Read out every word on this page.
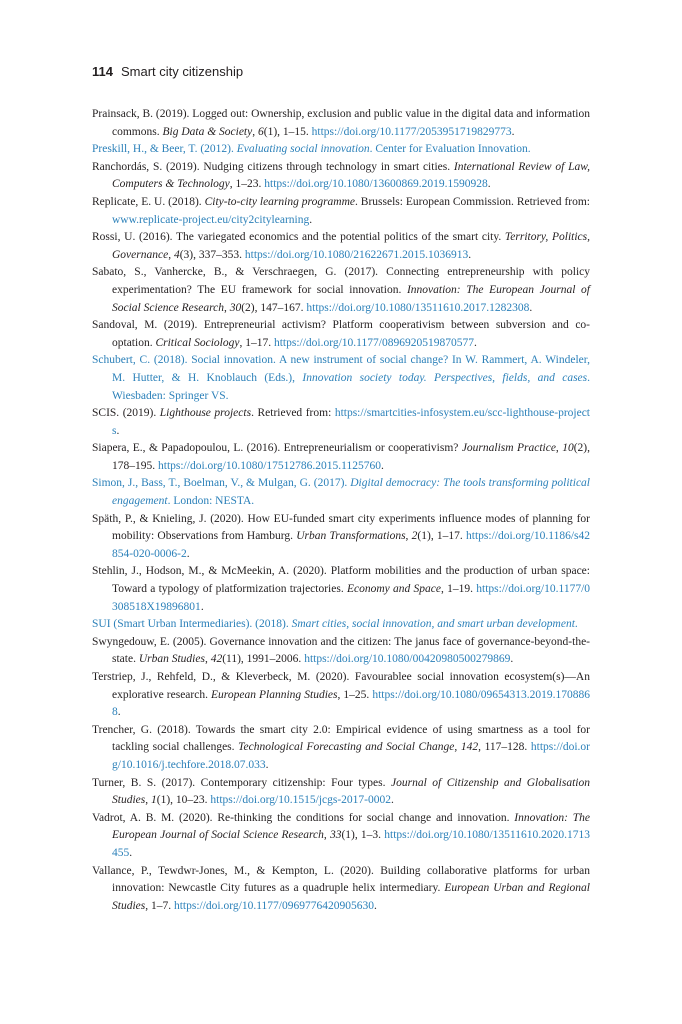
114 Smart city citizenship
Prainsack, B. (2019). Logged out: Ownership, exclusion and public value in the digital data and information commons. Big Data & Society, 6(1), 1–15. https://doi.org/10.1177/2053951719829773.
Preskill, H., & Beer, T. (2012). Evaluating social innovation. Center for Evaluation Innovation.
Ranchordás, S. (2019). Nudging citizens through technology in smart cities. International Review of Law, Computers & Technology, 1–23. https://doi.org/10.1080/13600869.2019.1590928.
Replicate, E. U. (2018). City-to-city learning programme. Brussels: European Commission. Retrieved from: www.replicate-project.eu/city2citylearning.
Rossi, U. (2016). The variegated economics and the potential politics of the smart city. Territory, Politics, Governance, 4(3), 337–353. https://doi.org/10.1080/21622671.2015.1036913.
Sabato, S., Vanhercke, B., & Verschraegen, G. (2017). Connecting entrepreneurship with policy experimentation? The EU framework for social innovation. Innovation: The European Journal of Social Science Research, 30(2), 147–167. https://doi.org/10.1080/13511610.2017.1282308.
Sandoval, M. (2019). Entrepreneurial activism? Platform cooperativism between subversion and co-optation. Critical Sociology, 1–17. https://doi.org/10.1177/0896920519870577.
Schubert, C. (2018). Social innovation. A new instrument of social change? In W. Rammert, A. Windeler, M. Hutter, & H. Knoblauch (Eds.), Innovation society today. Perspectives, fields, and cases. Wiesbaden: Springer VS.
SCIS. (2019). Lighthouse projects. Retrieved from: https://smartcities-infosystem.eu/scc-lighthouse-projects.
Siapera, E., & Papadopoulou, L. (2016). Entrepreneurialism or cooperativism? Journalism Practice, 10(2), 178–195. https://doi.org/10.1080/17512786.2015.1125760.
Simon, J., Bass, T., Boelman, V., & Mulgan, G. (2017). Digital democracy: The tools transforming political engagement. London: NESTA.
Späth, P., & Knieling, J. (2020). How EU-funded smart city experiments influence modes of planning for mobility: Observations from Hamburg. Urban Transformations, 2(1), 1–17. https://doi.org/10.1186/s42854-020-0006-2.
Stehlin, J., Hodson, M., & McMeekin, A. (2020). Platform mobilities and the production of urban space: Toward a typology of platformization trajectories. Economy and Space, 1–19. https://doi.org/10.1177/0308518X19896801.
SUI (Smart Urban Intermediaries). (2018). Smart cities, social innovation, and smart urban development.
Swyngedouw, E. (2005). Governance innovation and the citizen: The janus face of governance-beyond-the-state. Urban Studies, 42(11), 1991–2006. https://doi.org/10.1080/00420980500279869.
Terstriep, J., Rehfeld, D., & Kleverbeck, M. (2020). Favourablee social innovation ecosystem(s)—An explorative research. European Planning Studies, 1–25. https://doi.org/10.1080/09654313.2019.1708868.
Trencher, G. (2018). Towards the smart city 2.0: Empirical evidence of using smartness as a tool for tackling social challenges. Technological Forecasting and Social Change, 142, 117–128. https://doi.org/10.1016/j.techfore.2018.07.033.
Turner, B. S. (2017). Contemporary citizenship: Four types. Journal of Citizenship and Globalisation Studies, 1(1), 10–23. https://doi.org/10.1515/jcgs-2017-0002.
Vadrot, A. B. M. (2020). Re-thinking the conditions for social change and innovation. Innovation: The European Journal of Social Science Research, 33(1), 1–3. https://doi.org/10.1080/13511610.2020.1713455.
Vallance, P., Tewdwr-Jones, M., & Kempton, L. (2020). Building collaborative platforms for urban innovation: Newcastle City futures as a quadruple helix intermediary. European Urban and Regional Studies, 1–7. https://doi.org/10.1177/0969776420905630.
